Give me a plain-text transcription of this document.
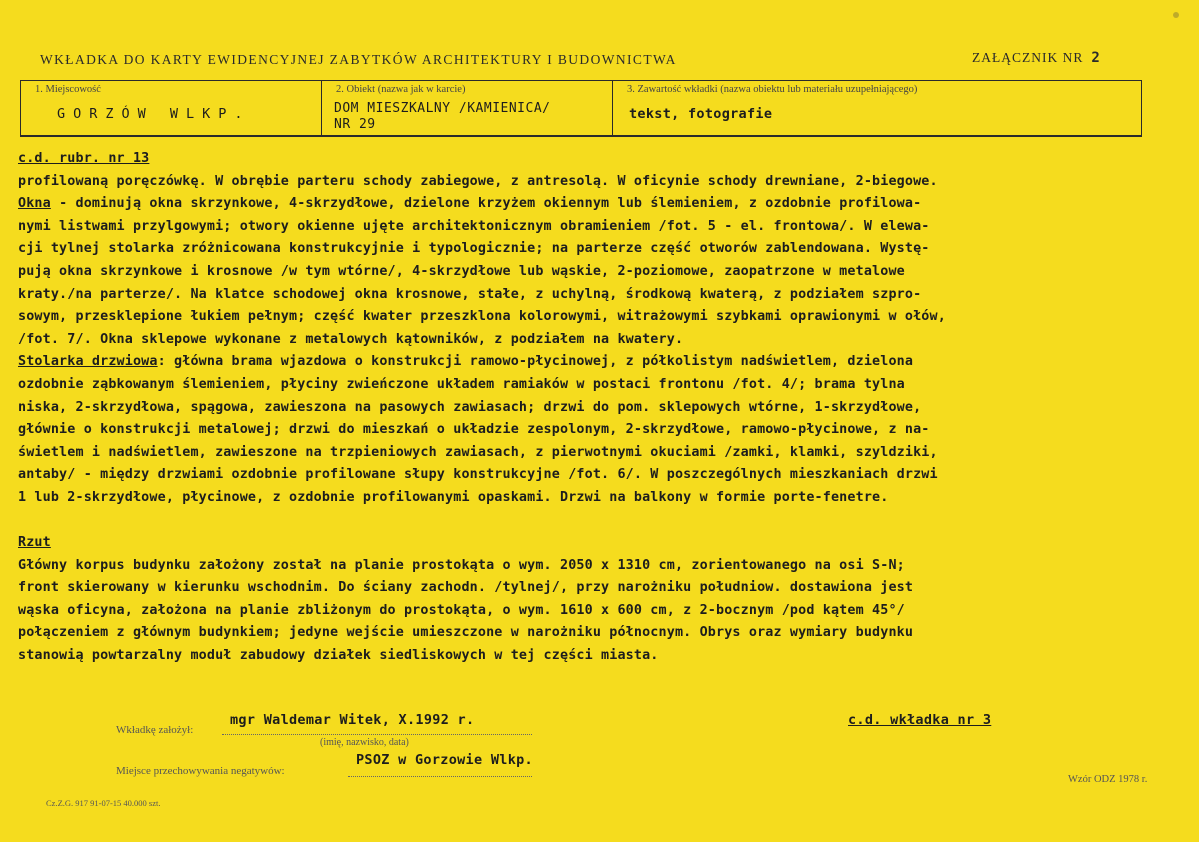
WKŁADKA DO KARTY EWIDENCYJNEJ ZABYTKÓW ARCHITEKTURY I BUDOWNICTWA	ZAŁĄCZNIK NR 2
1. Miejscowość
GORZÓW WLKP.
2. Obiekt (nazwa jak w karcie)
DOM MIESZKALNY /KAMIENICA/
NR 29
3. Zawartość wkładki (nazwa obiektu lub materiału uzupełniającego)
tekst, fotografie
c.d. rubr. nr 13
profilowaną poręczówkę. W obrębie parteru schody zabiegowe, z antresolą. W oficynie schody drewniane, 2-biegowe.
Okna - dominują okna skrzynkowe, 4-skrzydłowe, dzielone krzyżem okiennym lub ślemieniem, z ozdobnie profilowa-
nymi listwami przylgowymi; otwory okienne ujęte architektonicznym obramieniem /fot. 5 - el. frontowa/. W elewa-
cji tylnej stolarka zróżnicowana konstrukcyjnie i typologicznie; na parterze część otworów zablendowana. Wystę-
pują okna skrzynkowe i krosnowe /w tym wtórne/, 4-skrzydłowe lub wąskie, 2-poziomowe, zaopatrzone w metalowe
kraty./na parterze/. Na klatce schodowej okna krosnowe, stałe, z uchylną, środkową kwaterą, z podziałem szpro-
sowym, przesklepione łukiem pełnym; część kwater przeszklona kolorowymi, witrażowymi szybkami oprawionymi w ołów,
/fot. 7/. Okna sklepowe wykonane z metalowych kątowników, z podziałem na kwatery.
Stolarka drzwiowa: główna brama wjazdowa o konstrukcji ramowo-płycinowej, z półkolistym nadświetlem, dzielona
ozdobnie ząbkowanym ślemieniem, płyciny zwieńczone układem ramiaków w postaci frontonu /fot. 4/; brama tylna
niska, 2-skrzydłowa, spągowa, zawieszona na pasowych zawiasach; drzwi do pom. sklepowych wtórne, 1-skrzydłowe,
głównie o konstrukcji metalowej; drzwi do mieszkań o układzie zespolonym, 2-skrzydłowe, ramowo-płycinowe, z na-
świetlem i nadświetlem, zawieszone na trzpieniowych zawiasach, z pierwotnymi okuciami /zamki, klamki, szyldziki,
antaby/ - między drzwiami ozdobnie profilowane słupy konstrukcyjne /fot. 6/. W poszczególnych mieszkaniach drzwi
1 lub 2-skrzydłowe, płycinowe, z ozdobnie profilowanymi opaskami. Drzwi na balkony w formie porte-fenetre.
Rzut
Główny korpus budynku założony został na planie prostokąta o wym. 2050 x 1310 cm, zorientowanego na osi S-N;
front skierowany w kierunku wschodnim. Do ściany zachodn. /tylnej/, przy narożniku południow. dostawiona jest
wąska oficyna, założona na planie zbliżonym do prostokąta, o wym. 1610 x 600 cm, z 2-bocznym /pod kątem 45°/
połączeniem z głównym budynkiem; jedyne wejście umieszczone w narożniku północnym. Obrys oraz wymiary budynku
stanowią powtarzalny moduł zabudowy działek siedliskowych w tej części miasta.
Wkładkę założył:
mgr Waldemar Witek, X.1992 r.
(imię, nazwisko, data)
c.d. wkładka nr 3
Miejsce przechowywania negatywów:
PSOZ w Gorzowie Wlkp.
Wzór ODZ 1978 r.
Cz.Z.G. 917 91-07-15 40.000 szt.
